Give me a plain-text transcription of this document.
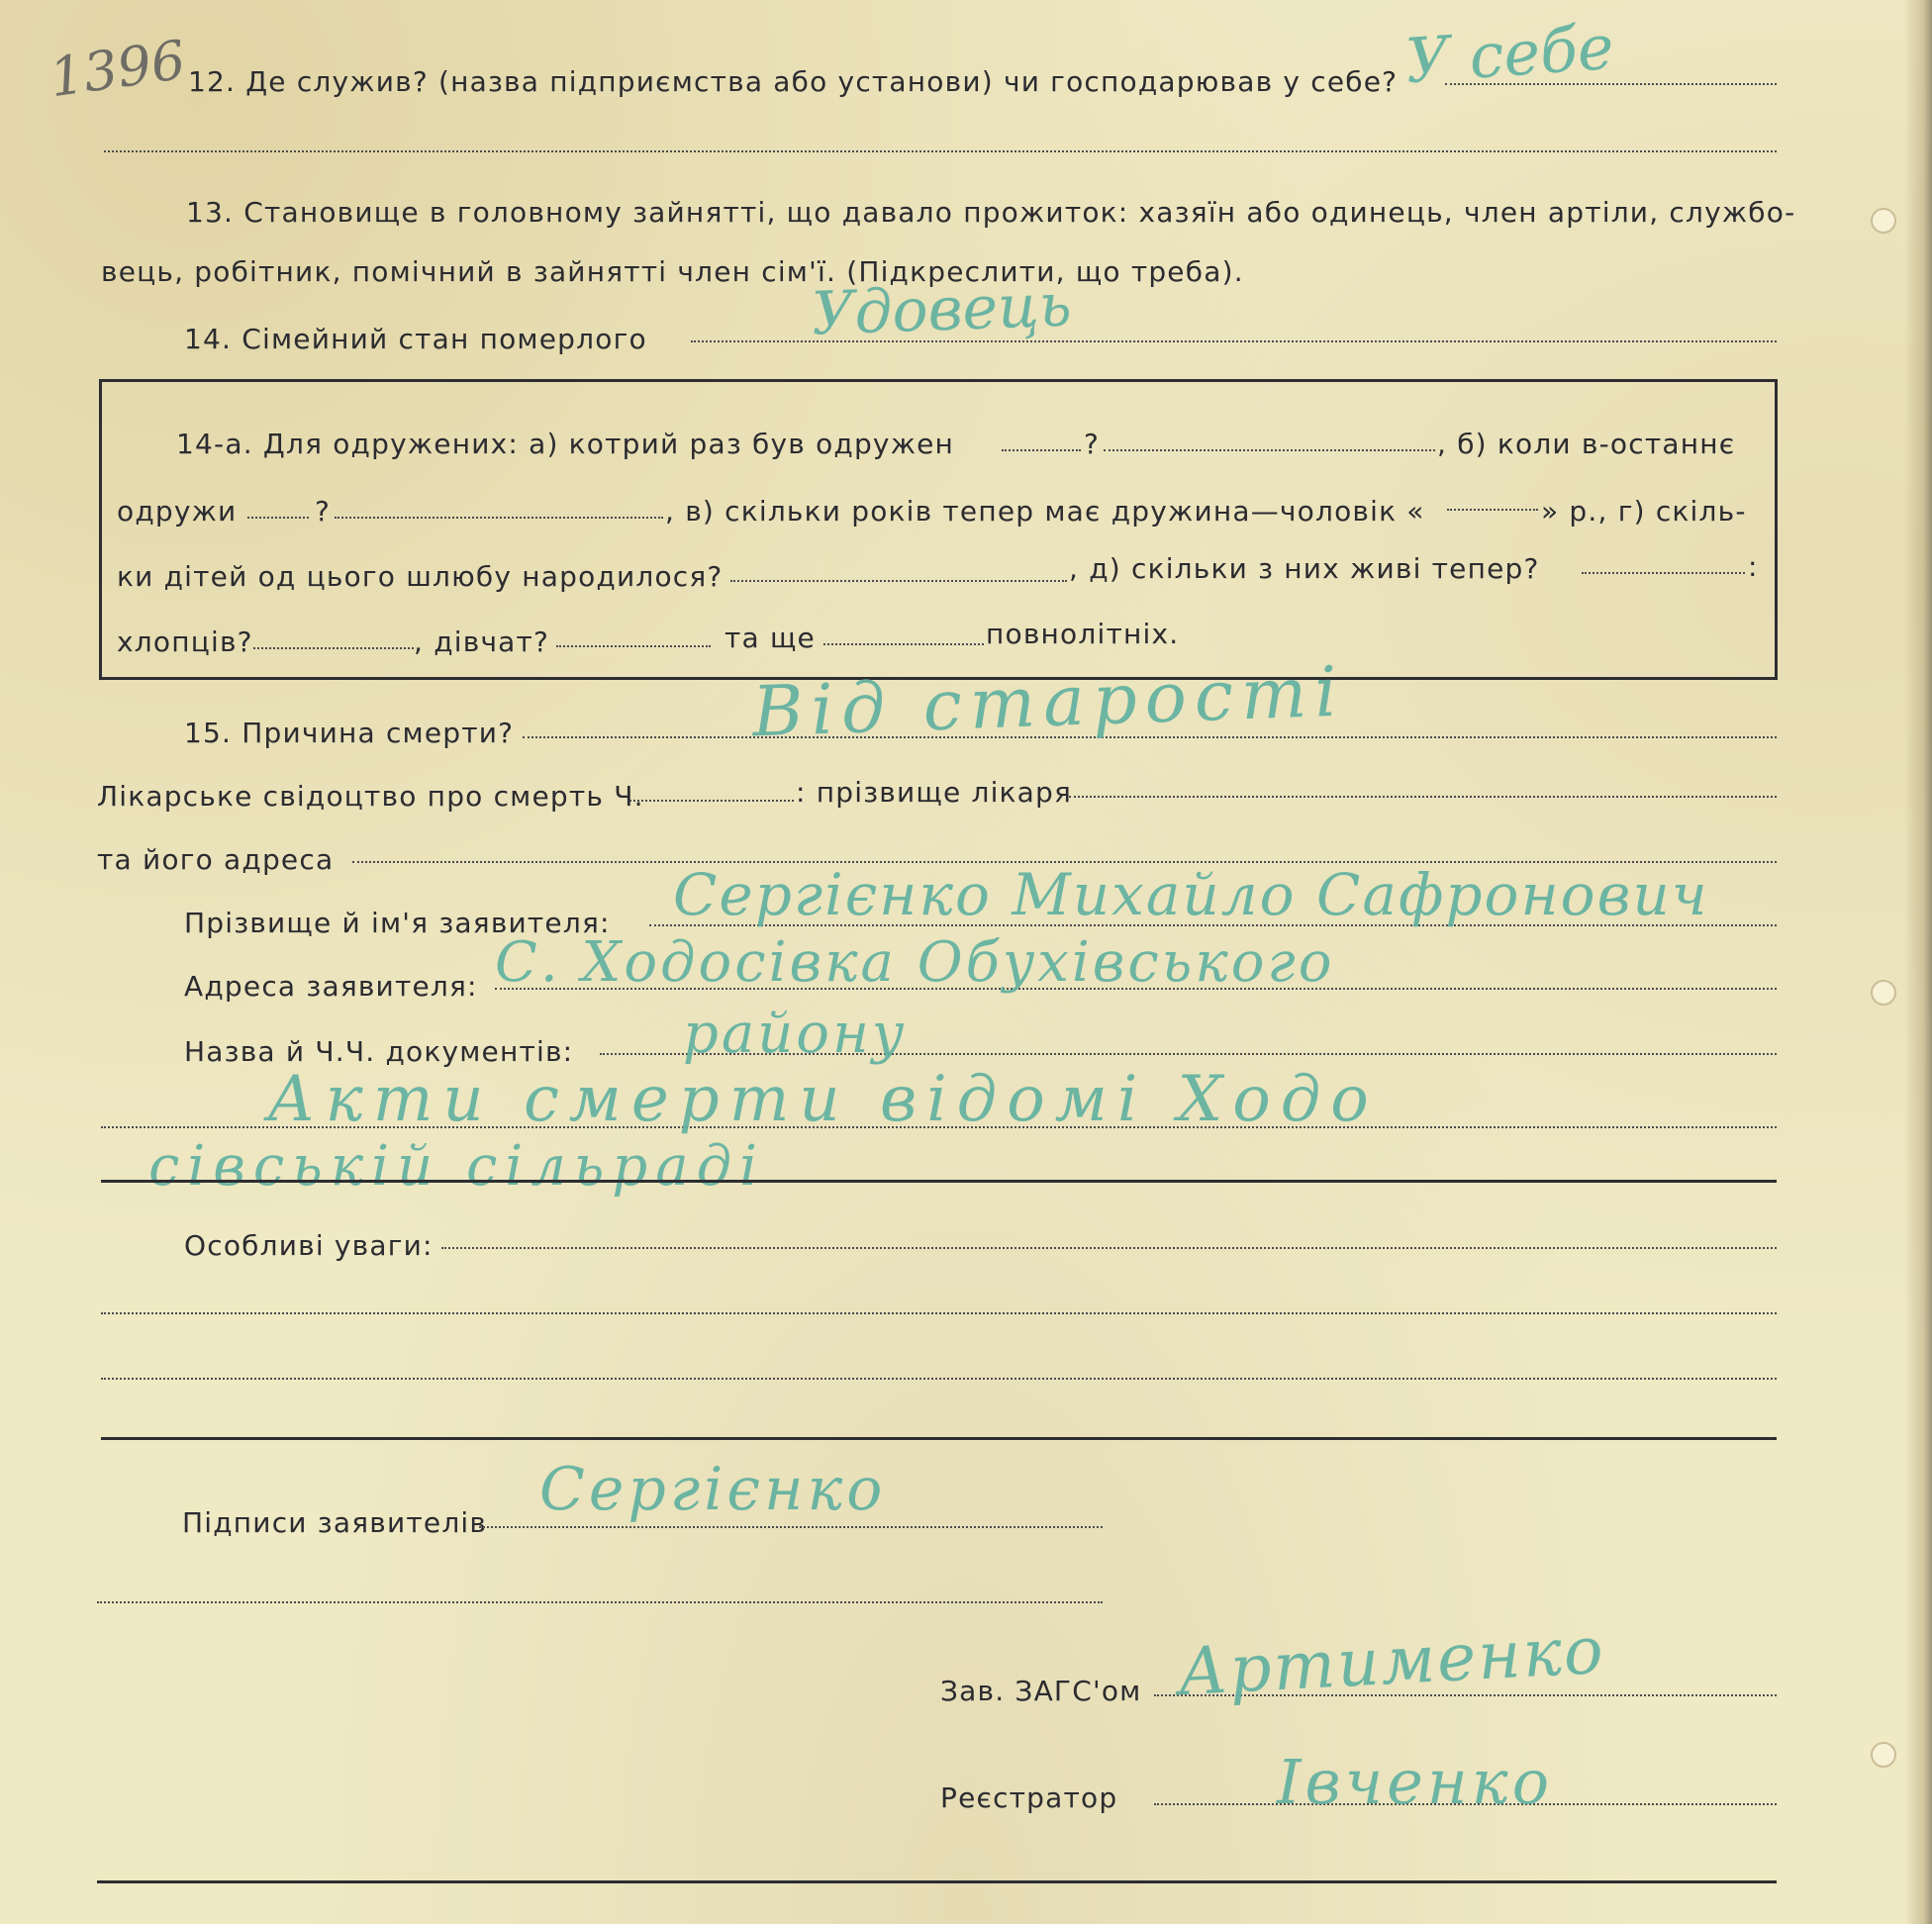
1396
12. Де служив? (назва підприємства або установи) чи господарював у себе? У себе
13. Становище в головному зайнятті, що давало прожиток: хазяїн або одинець, член артіли, службо-
вець, робітник, помічний в зайнятті член сім'ї. (Підкреслити, що треба).
14. Сімейний стан померлого	Удовець
14-а. Для одружених: а) котрий раз був одружен	?	, б) коли в-останнє
одружи	?	, в) скільки років тепер має дружина—чоловік «	» р., г) скіль-
ки дітей од цього шлюбу народилося?	, д) скільки з них живі тепер?	:
хлопців?	, дівчат?	та ще	повнолітніх.
15. Причина смерти?	Від старості
Лікарське свідоцтво про смерть Ч.	: прізвище лікаря
та його адреса
Прізвище й ім'я заявителя: Сергієнко Михайло Сафронович
Адреса заявителя: С. Ходосівка Обухівського
Назва й Ч.Ч. документів: району
Акти смерти відомі Ходо
сівській сільраді
Особливі уваги:
Підписи заявителів Сергієнко
Зав. ЗАГС'ом Артименко
Реєстратор	Івченко
